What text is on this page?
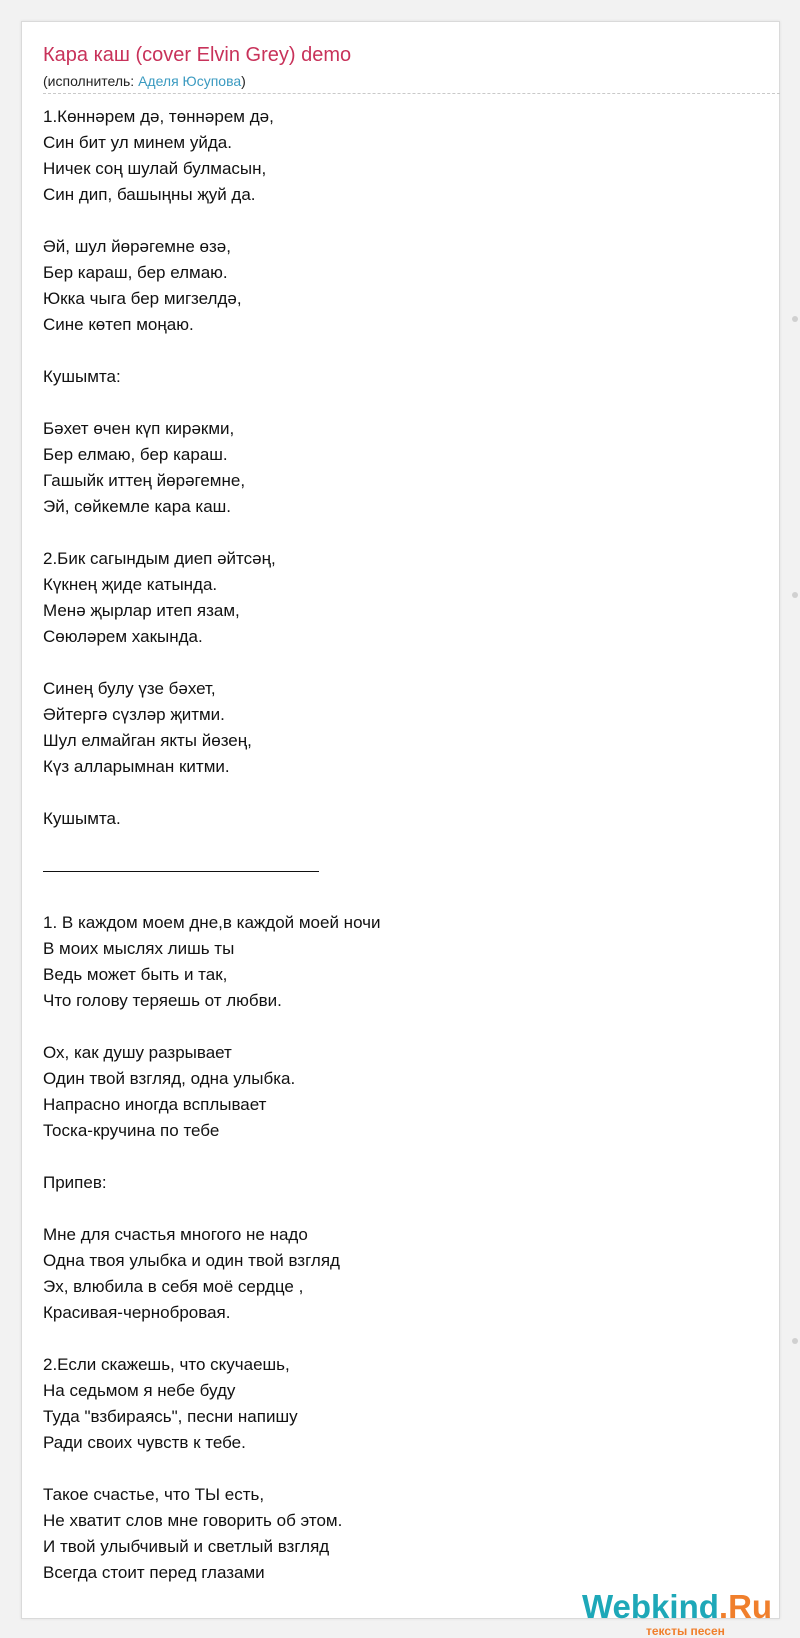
Кара каш (cover Elvin Grey) demo
(исполнитель: Аделя Юсупова)
1.Көннәрем дә, төннәрем дә,
Син бит ул минем уйда.
Ничек соң шулай булмасын,
Син дип, башыңны җуй да.
Әй, шул йөрәгемне өзә,
Бер караш, бер елмаю.
Юкка чыга бер мигзелдә,
Сине көтеп моңаю.
Кушымта:
Бәхет өчен күп кирәкми,
Бер елмаю, бер караш.
Гашыйк иттең йөрәгемне,
Эй, сөйкемле кара каш.
2.Бик сагындым диеп әйтсәң,
Күкнең җиде катында.
Менә җырлар итеп язам,
Сөюләрем хакында.
Синең булу үзе бәхет,
Әйтергә сүзләр җитми.
Шул елмайган якты йөзең,
Күз алларымнан китми.
Кушымта.
1. В каждом моем дне,в каждой моей ночи
В моих мыслях лишь ты
Ведь может быть и так,
Что голову теряешь от любви.
Ох, как душу разрывает
Один твой взгляд, одна улыбка.
Напрасно иногда всплывает
Тоска-кручина по тебе
Припев:
Мне для счастья многого не надо
Одна твоя улыбка и один твой взгляд
Эх, влюбила в себя моё сердце ,
Красивая-чернобровая.
2.Если скажешь, что скучаешь,
На седьмом я небе буду
Туда "взбираясь", песни напишу
Ради своих чувств к тебе.
Такое счастье, что ТЫ есть,
Не хватит слов мне говорить об этом.
И твой улыбчивый и светлый взгляд
Всегда стоит перед глазами
Webkind.Ru
тексты песен
